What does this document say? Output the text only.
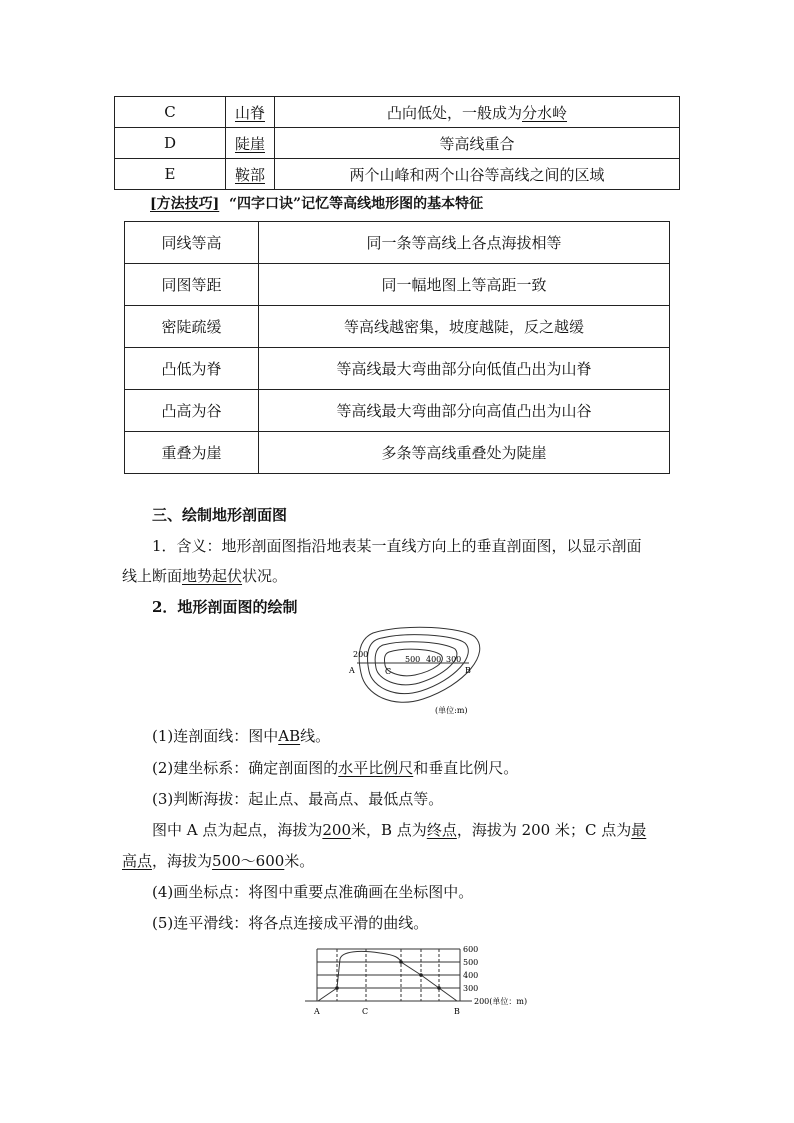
C	山脊	凸向低处，一般成为分水岭
D	陡崖	等高线重合
E	鞍部	两个山峰和两个山谷等高线之间的区域
[方法技巧] “四字口诀”记忆等高线地形图的基本特征
同线等高	同一条等高线上各点海拔相等
同图等距	同一幅地图上等高距一致
密陡疏缓	等高线越密集，坡度越陡，反之越缓
凸低为脊	等高线最大弯曲部分向低值凸出为山脊
凸高为谷	等高线最大弯曲部分向高值凸出为山谷
重叠为崖	多条等高线重叠处为陡崖
三、绘制地形剖面图
1．含义：地形剖面图指沿地表某一直线方向上的垂直剖面图，以显示剖面
线上断面地势起伏状况。
2．地形剖面图的绘制
200
A	C
500 400 300
B
(单位:m)
(1)连剖面线：图中AB线。
(2)建坐标系：确定剖面图的水平比例尺和垂直比例尺。
(3)判断海拔：起止点、最高点、最低点等。
图中 A 点为起点，海拔为200米，B 点为终点，海拔为 200 米；C 点为最
高点，海拔为500～600米。
(4)画坐标点：将图中重要点准确画在坐标图中。
(5)连平滑线：将各点连接成平滑的曲线。
600
500
400
300
200(单位：m)
A	C	B
